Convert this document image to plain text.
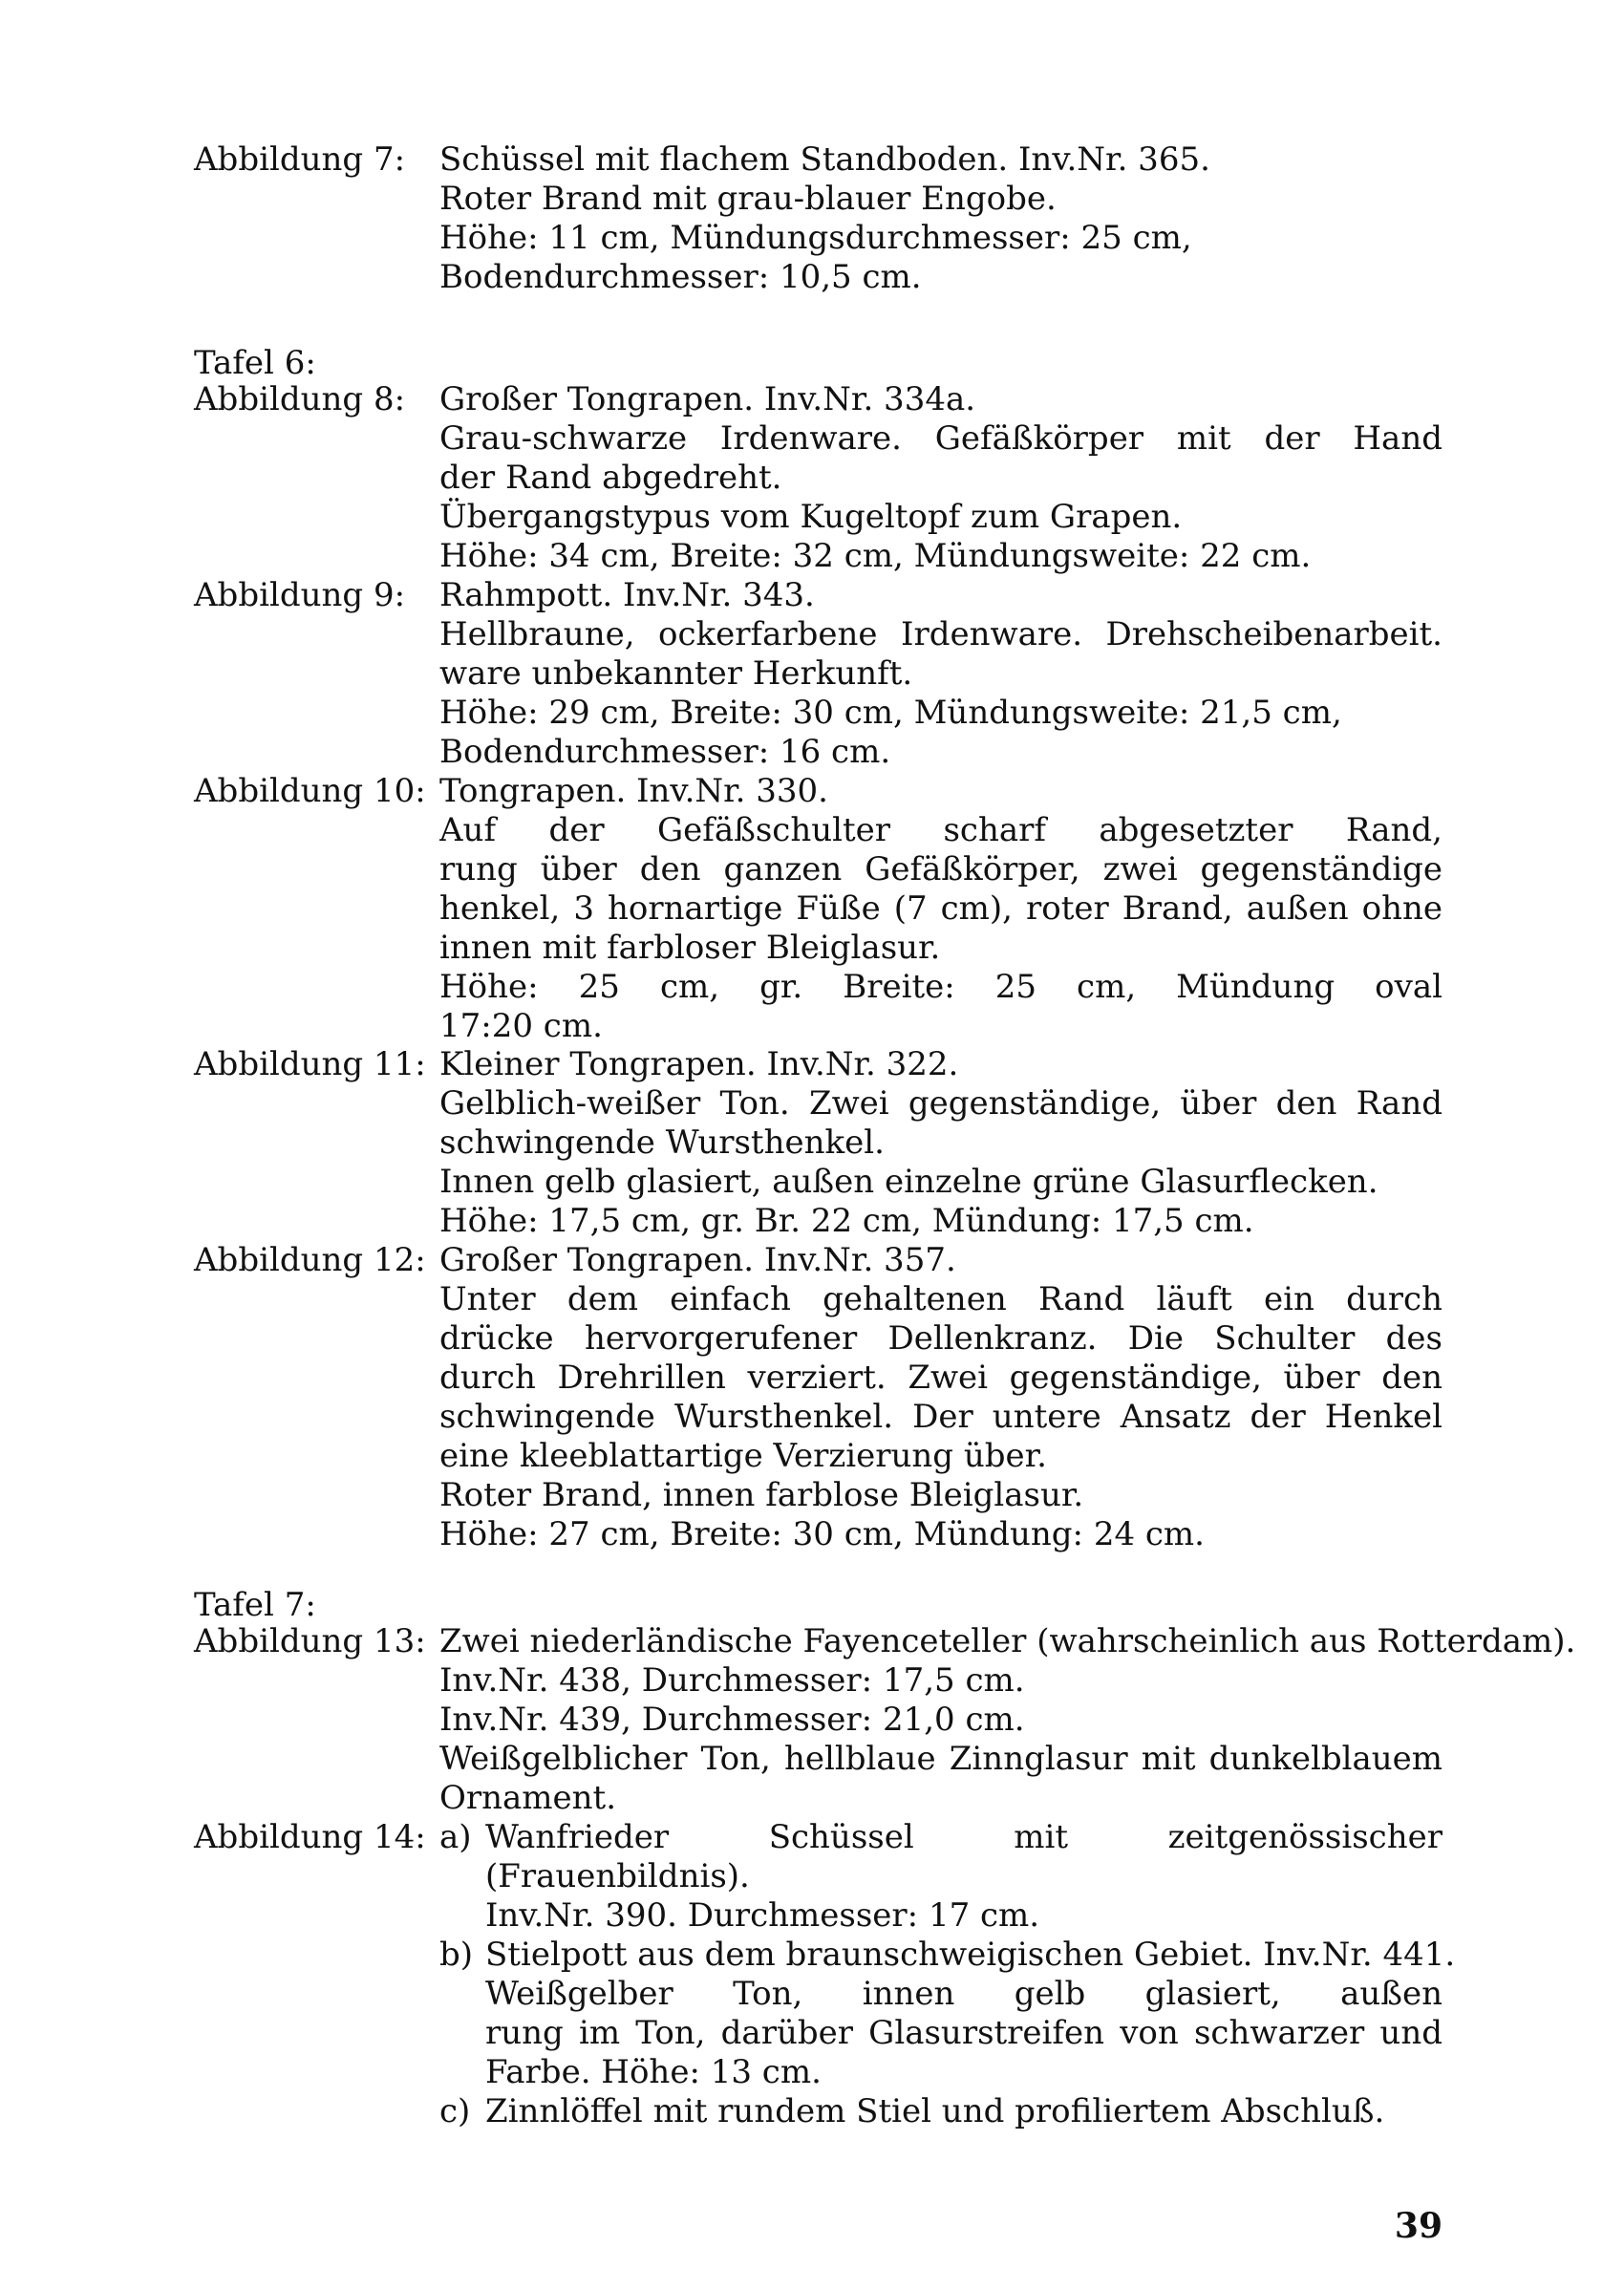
Abbildung 7: Schüssel mit flachem Standboden. Inv.Nr. 365.
Roter Brand mit grau-blauer Engobe.
Höhe: 11 cm, Mündungsdurchmesser: 25 cm,
Bodendurchmesser: 10,5 cm.
Tafel 6:
Abbildung 8: Großer Tongrapen. Inv.Nr. 334a.
Grau-schwarze Irdenware. Gefäßkörper mit der Hand
der Rand abgedreht.
Übergangstypus vom Kugeltopf zum Grapen.
Höhe: 34 cm, Breite: 32 cm, Mündungsweite: 22 cm.
Abbildung 9: Rahmpott. Inv.Nr. 343.
Hellbraune, ockerfarbene Irdenware. Drehscheibenarbeit.
ware unbekannter Herkunft.
Höhe: 29 cm, Breite: 30 cm, Mündungsweite: 21,5 cm,
Bodendurchmesser: 16 cm.
Abbildung 10: Tongrapen. Inv.Nr. 330.
Auf der Gefäßschulter scharf abgesetzter Rand,
rung über den ganzen Gefäßkörper, zwei gegenständige
henkel, 3 hornartige Füße (7 cm), roter Brand, außen ohne
innen mit farbloser Bleiglasur.
Höhe: 25 cm, gr. Breite: 25 cm, Mündung oval
17:20 cm.
Abbildung 11: Kleiner Tongrapen. Inv.Nr. 322.
Gelblich-weißer Ton. Zwei gegenständige, über den Rand
schwingende Wursthenkel.
Innen gelb glasiert, außen einzelne grüne Glasurflecken.
Höhe: 17,5 cm, gr. Br. 22 cm, Mündung: 17,5 cm.
Abbildung 12: Großer Tongrapen. Inv.Nr. 357.
Unter dem einfach gehaltenen Rand läuft ein durch
drücke hervorgerufener Dellenkranz. Die Schulter des
durch Drehrillen verziert. Zwei gegenständige, über den
schwingende Wursthenkel. Der untere Ansatz der Henkel
eine kleeblattartige Verzierung über.
Roter Brand, innen farblose Bleiglasur.
Höhe: 27 cm, Breite: 30 cm, Mündung: 24 cm.
Tafel 7:
Abbildung 13: Zwei niederländische Fayenceteller (wahrscheinlich aus Rotterdam).
Inv.Nr. 438, Durchmesser: 17,5 cm.
Inv.Nr. 439, Durchmesser: 21,0 cm.
Weißgelblicher Ton, hellblaue Zinnglasur mit dunkelblauem
Ornament.
Abbildung 14: a) Wanfrieder Schüssel mit zeitgenössischer
(Frauenbildnis).
Inv.Nr. 390. Durchmesser: 17 cm.
b) Stielpott aus dem braunschweigischen Gebiet. Inv.Nr. 441.
Weißgelber Ton, innen gelb glasiert, außen
rung im Ton, darüber Glasurstreifen von schwarzer und
Farbe. Höhe: 13 cm.
c) Zinnlöffel mit rundem Stiel und profiliertem Abschluß.
39
